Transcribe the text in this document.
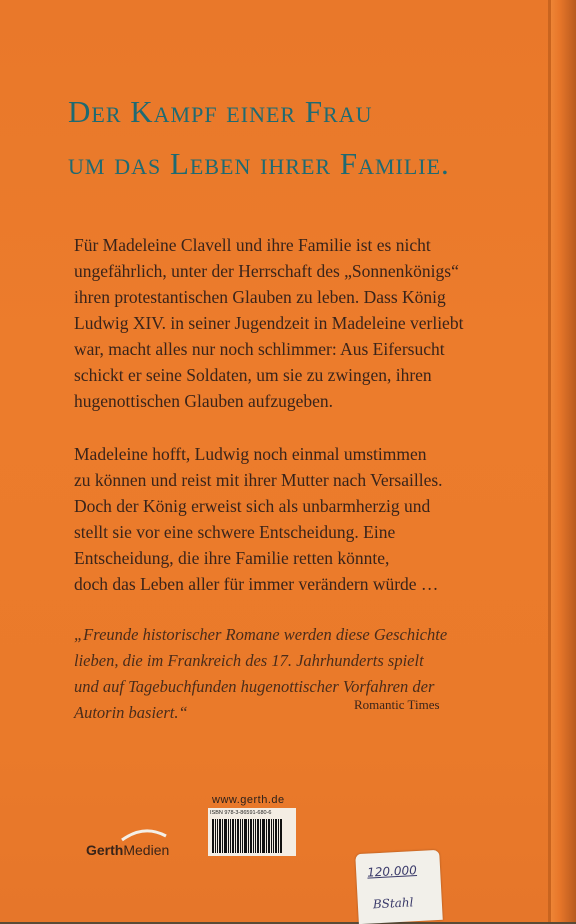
Der Kampf einer Frau
um das Leben ihrer Familie.
Für Madeleine Clavell und ihre Familie ist es nicht
ungefährlich, unter der Herrschaft des „Sonnenkönigs“
ihren protestantischen Glauben zu leben. Dass König
Ludwig XIV. in seiner Jugendzeit in Madeleine verliebt
war, macht alles nur noch schlimmer: Aus Eifersucht
schickt er seine Soldaten, um sie zu zwingen, ihren
hugenottischen Glauben aufzugeben.
Madeleine hofft, Ludwig noch einmal umstimmen
zu können und reist mit ihrer Mutter nach Versailles.
Doch der König erweist sich als unbarmherzig und
stellt sie vor eine schwere Entscheidung. Eine
Entscheidung, die ihre Familie retten könnte,
doch das Leben aller für immer verändern würde …
„Freunde historischer Romane werden diese Geschichte
lieben, die im Frankreich des 17. Jahrhunderts spielt
und auf Tagebuchfunden hugenottischer Vorfahren der
Autorin basiert.“	Romantic Times
www.gerth.de
ISBN 978-3-86591-680-6
GerthMedien
120.000
BStahl
